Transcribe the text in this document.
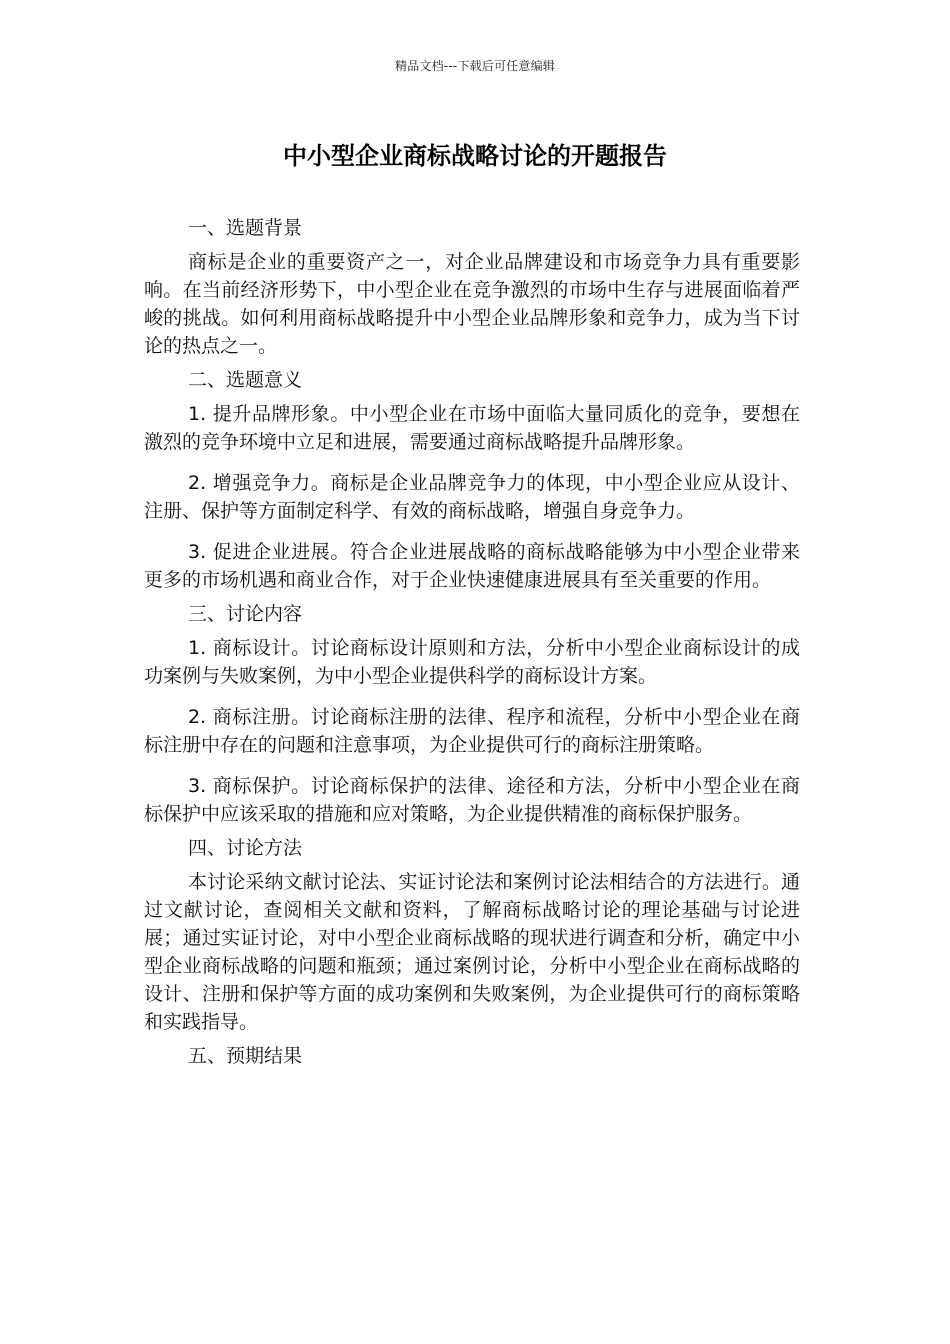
精品文档---下载后可任意编辑
中小型企业商标战略讨论的开题报告

一、选题背景

商标是企业的重要资产之一，对企业品牌建设和市场竞争力具有重要影响。在当前经济形势下，中小型企业在竞争激烈的市场中生存与进展面临着严峻的挑战。如何利用商标战略提升中小型企业品牌形象和竞争力，成为当下讨论的热点之一。

二、选题意义

1. 提升品牌形象。中小型企业在市场中面临大量同质化的竞争，要想在激烈的竞争环境中立足和进展，需要通过商标战略提升品牌形象。

2. 增强竞争力。商标是企业品牌竞争力的体现，中小型企业应从设计、注册、保护等方面制定科学、有效的商标战略，增强自身竞争力。

3. 促进企业进展。符合企业进展战略的商标战略能够为中小型企业带来更多的市场机遇和商业合作，对于企业快速健康进展具有至关重要的作用。

三、讨论内容

1. 商标设计。讨论商标设计原则和方法，分析中小型企业商标设计的成功案例与失败案例，为中小型企业提供科学的商标设计方案。

2. 商标注册。讨论商标注册的法律、程序和流程，分析中小型企业在商标注册中存在的问题和注意事项，为企业提供可行的商标注册策略。

3. 商标保护。讨论商标保护的法律、途径和方法，分析中小型企业在商标保护中应该采取的措施和应对策略，为企业提供精准的商标保护服务。

四、讨论方法

本讨论采纳文献讨论法、实证讨论法和案例讨论法相结合的方法进行。通过文献讨论，查阅相关文献和资料，了解商标战略讨论的理论基础与讨论进展；通过实证讨论，对中小型企业商标战略的现状进行调查和分析，确定中小型企业商标战略的问题和瓶颈；通过案例讨论，分析中小型企业在商标战略的设计、注册和保护等方面的成功案例和失败案例，为企业提供可行的商标策略和实践指导。

五、预期结果
